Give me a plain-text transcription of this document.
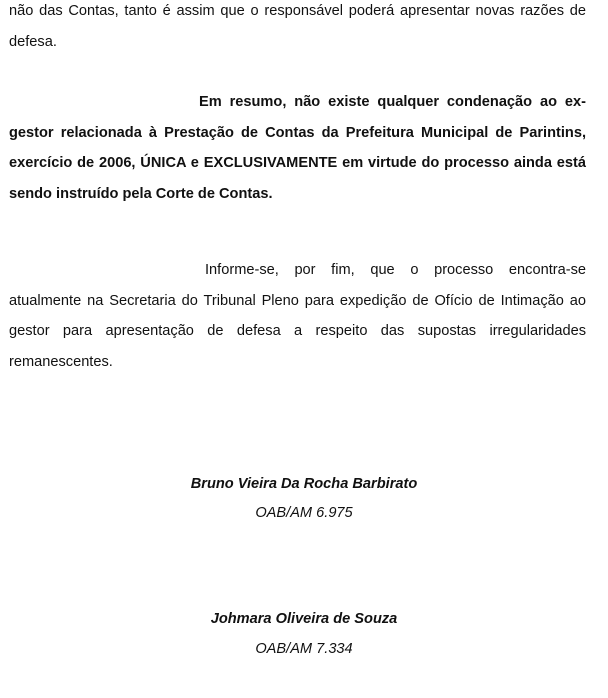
não das Contas, tanto é assim que o responsável poderá apresentar novas razões de defesa.

Em resumo, não existe qualquer condenação ao ex-gestor relacionada à Prestação de Contas da Prefeitura Municipal de Parintins, exercício de 2006, ÚNICA e EXCLUSIVAMENTE em virtude do processo ainda está sendo instruído pela Corte de Contas.

Informe-se, por fim, que o processo encontra-se atualmente na Secretaria do Tribunal Pleno para expedição de Ofício de Intimação ao gestor para apresentação de defesa a respeito das supostas irregularidades remanescentes.

Bruno Vieira Da Rocha Barbirato

OAB/AM 6.975

Johmara Oliveira de Souza

OAB/AM 7.334
